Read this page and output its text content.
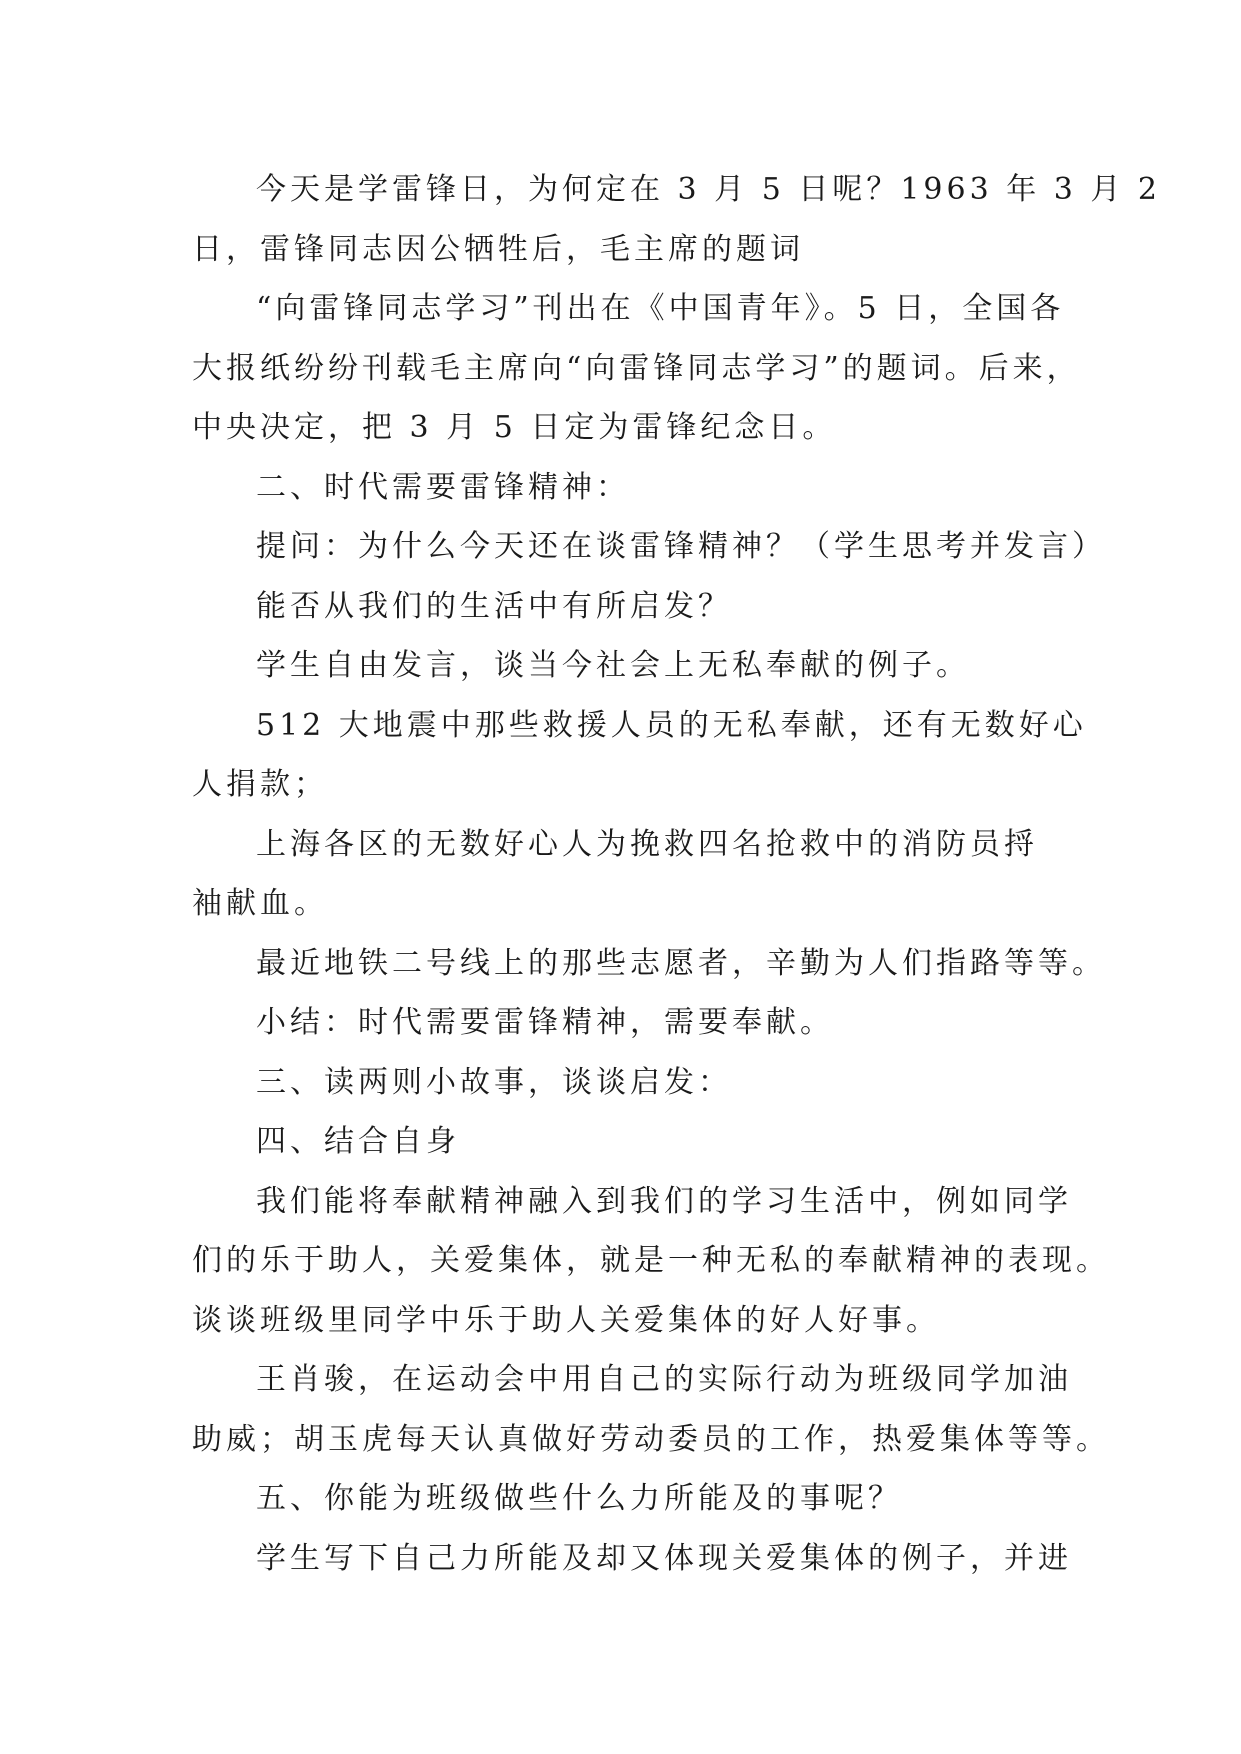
今天是学雷锋日，为何定在 3 月 5 日呢？1963 年 3 月 2
日，雷锋同志因公牺牲后，毛主席的题词

“向雷锋同志学习”刊出在《中国青年》。5 日，全国各
大报纸纷纷刊载毛主席向“向雷锋同志学习”的题词。后来，
中央决定，把 3 月 5 日定为雷锋纪念日。

二、时代需要雷锋精神：

提问：为什么今天还在谈雷锋精神？（学生思考并发言）

能否从我们的生活中有所启发？

学生自由发言，谈当今社会上无私奉献的例子。

512 大地震中那些救援人员的无私奉献，还有无数好心
人捐款；

上海各区的无数好心人为挽救四名抢救中的消防员捋
袖献血。

最近地铁二号线上的那些志愿者，辛勤为人们指路等等。

小结：时代需要雷锋精神，需要奉献。

三、读两则小故事，谈谈启发：

四、结合自身

我们能将奉献精神融入到我们的学习生活中，例如同学
们的乐于助人，关爱集体，就是一种无私的奉献精神的表现。
谈谈班级里同学中乐于助人关爱集体的好人好事。

王肖骏，在运动会中用自己的实际行动为班级同学加油
助威；胡玉虎每天认真做好劳动委员的工作，热爱集体等等。

五、你能为班级做些什么力所能及的事呢？

学生写下自己力所能及却又体现关爱集体的例子，并进
